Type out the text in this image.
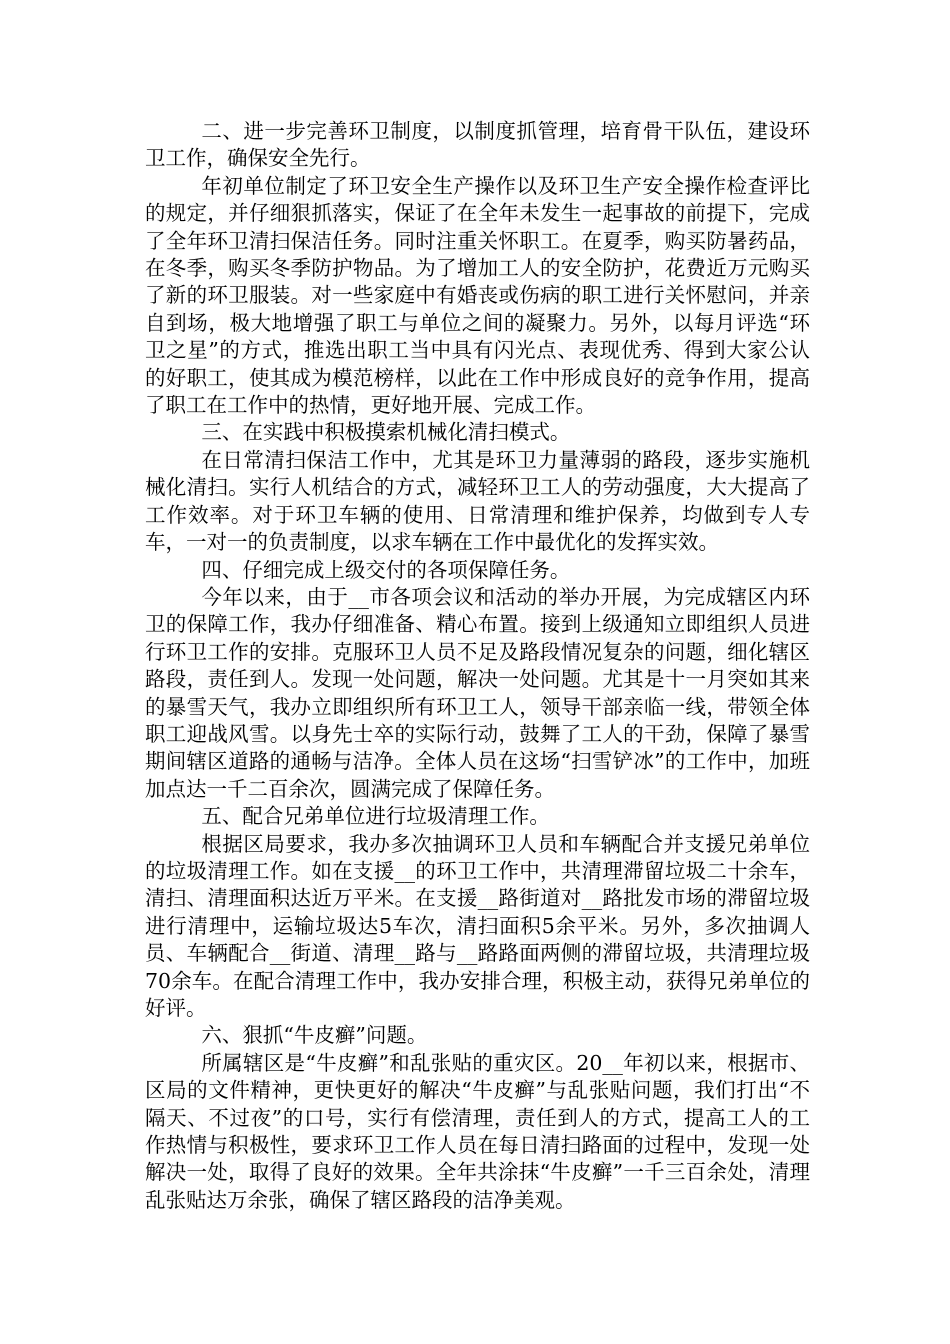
二、进一步完善环卫制度，以制度抓管理，培育骨干队伍，建设环卫工作，确保安全先行。

年初单位制定了环卫安全生产操作以及环卫生产安全操作检查评比的规定，并仔细狠抓落实，保证了在全年未发生一起事故的前提下，完成了全年环卫清扫保洁任务。同时注重关怀职工。在夏季，购买防暑药品，在冬季，购买冬季防护物品。为了增加工人的安全防护，花费近万元购买了新的环卫服装。对一些家庭中有婚丧或伤病的职工进行关怀慰问，并亲自到场，极大地增强了职工与单位之间的凝聚力。另外，以每月评选“环卫之星”的方式，推选出职工当中具有闪光点、表现优秀、得到大家公认的好职工，使其成为模范榜样，以此在工作中形成良好的竞争作用，提高了职工在工作中的热情，更好地开展、完成工作。

三、在实践中积极摸索机械化清扫模式。

在日常清扫保洁工作中，尤其是环卫力量薄弱的路段，逐步实施机械化清扫。实行人机结合的方式，减轻环卫工人的劳动强度，大大提高了工作效率。对于环卫车辆的使用、日常清理和维护保养，均做到专人专车，一对一的负责制度，以求车辆在工作中最优化的发挥实效。

四、仔细完成上级交付的各项保障任务。

今年以来，由于__市各项会议和活动的举办开展，为完成辖区内环卫的保障工作，我办仔细准备、精心布置。接到上级通知立即组织人员进行环卫工作的安排。克服环卫人员不足及路段情况复杂的问题，细化辖区路段，责任到人。发现一处问题，解决一处问题。尤其是十一月突如其来的暴雪天气，我办立即组织所有环卫工人，领导干部亲临一线，带领全体职工迎战风雪。以身先士卒的实际行动，鼓舞了工人的干劲，保障了暴雪期间辖区道路的通畅与洁净。全体人员在这场“扫雪铲冰”的工作中，加班加点达一千二百余次，圆满完成了保障任务。

五、配合兄弟单位进行垃圾清理工作。

根据区局要求，我办多次抽调环卫人员和车辆配合并支援兄弟单位的垃圾清理工作。如在支援__的环卫工作中，共清理滞留垃圾二十余车，清扫、清理面积达近万平米。在支援__路街道对__路批发市场的滞留垃圾进行清理中，运输垃圾达5车次，清扫面积5余平米。另外，多次抽调人员、车辆配合__街道、清理__路与__路路面两侧的滞留垃圾，共清理垃圾70余车。在配合清理工作中，我办安排合理，积极主动，获得兄弟单位的好评。

六、狠抓“牛皮癣”问题。

所属辖区是“牛皮癣”和乱张贴的重灾区。20__年初以来，根据市、区局的文件精神，更快更好的解决“牛皮癣”与乱张贴问题，我们打出“不隔天、不过夜”的口号，实行有偿清理，责任到人的方式，提高工人的工作热情与积极性，要求环卫工作人员在每日清扫路面的过程中，发现一处解决一处，取得了良好的效果。全年共涂抹“牛皮癣”一千三百余处，清理乱张贴达万余张，确保了辖区路段的洁净美观。
